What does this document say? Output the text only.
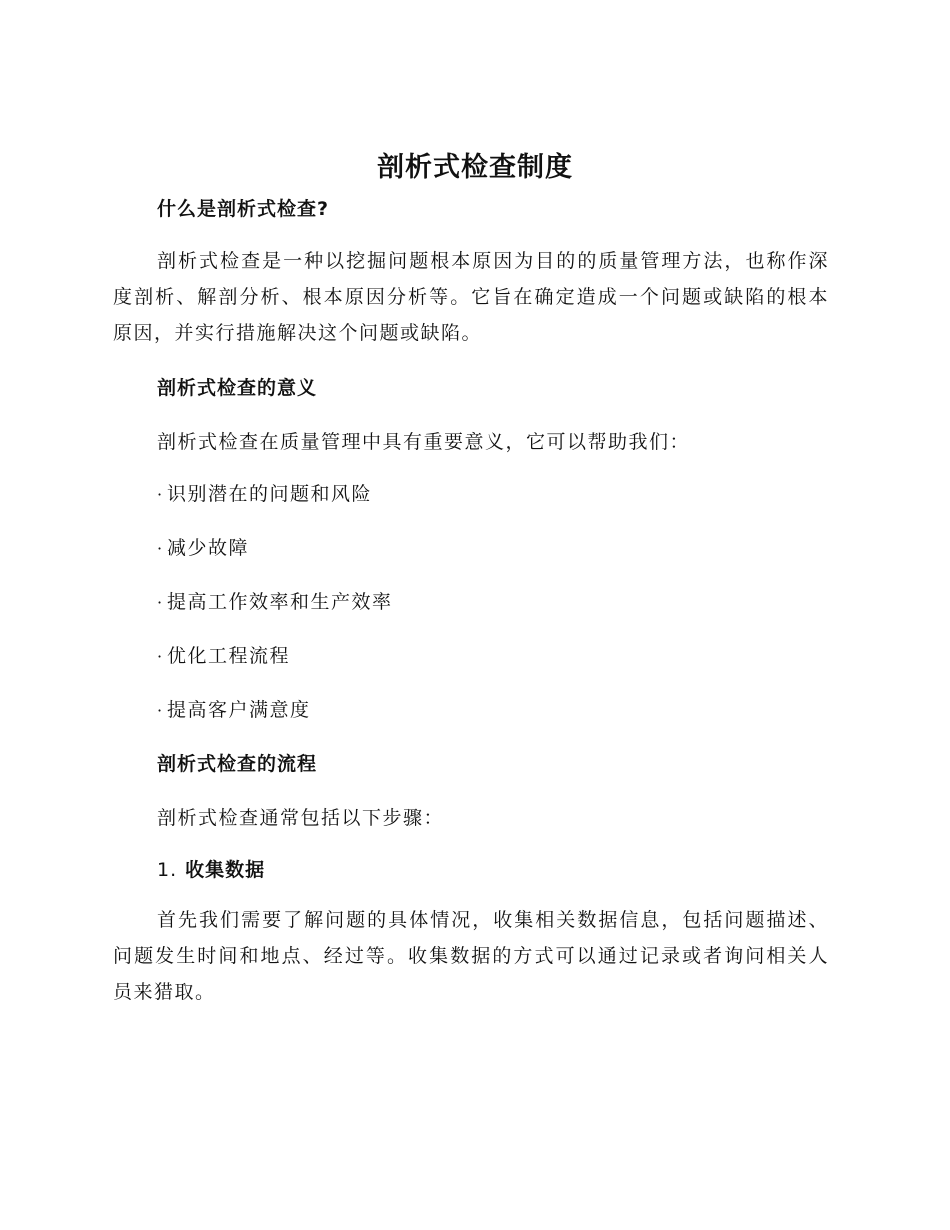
剖析式检查制度
什么是剖析式检查?

剖析式检查是一种以挖掘问题根本原因为目的的质量管理方法，也称作深度剖析、解剖分析、根本原因分析等。它旨在确定造成一个问题或缺陷的根本原因，并实行措施解决这个问题或缺陷。

剖析式检查的意义
剖析式检查在质量管理中具有重要意义，它可以帮助我们：
· 识别潜在的问题和风险
· 减少故障
· 提高工作效率和生产效率
· 优化工程流程
· 提高客户满意度
剖析式检查的流程
剖析式检查通常包括以下步骤：
1. 收集数据

首先我们需要了解问题的具体情况，收集相关数据信息，包括问题描述、问题发生时间和地点、经过等。收集数据的方式可以通过记录或者询问相关人员来猎取。
